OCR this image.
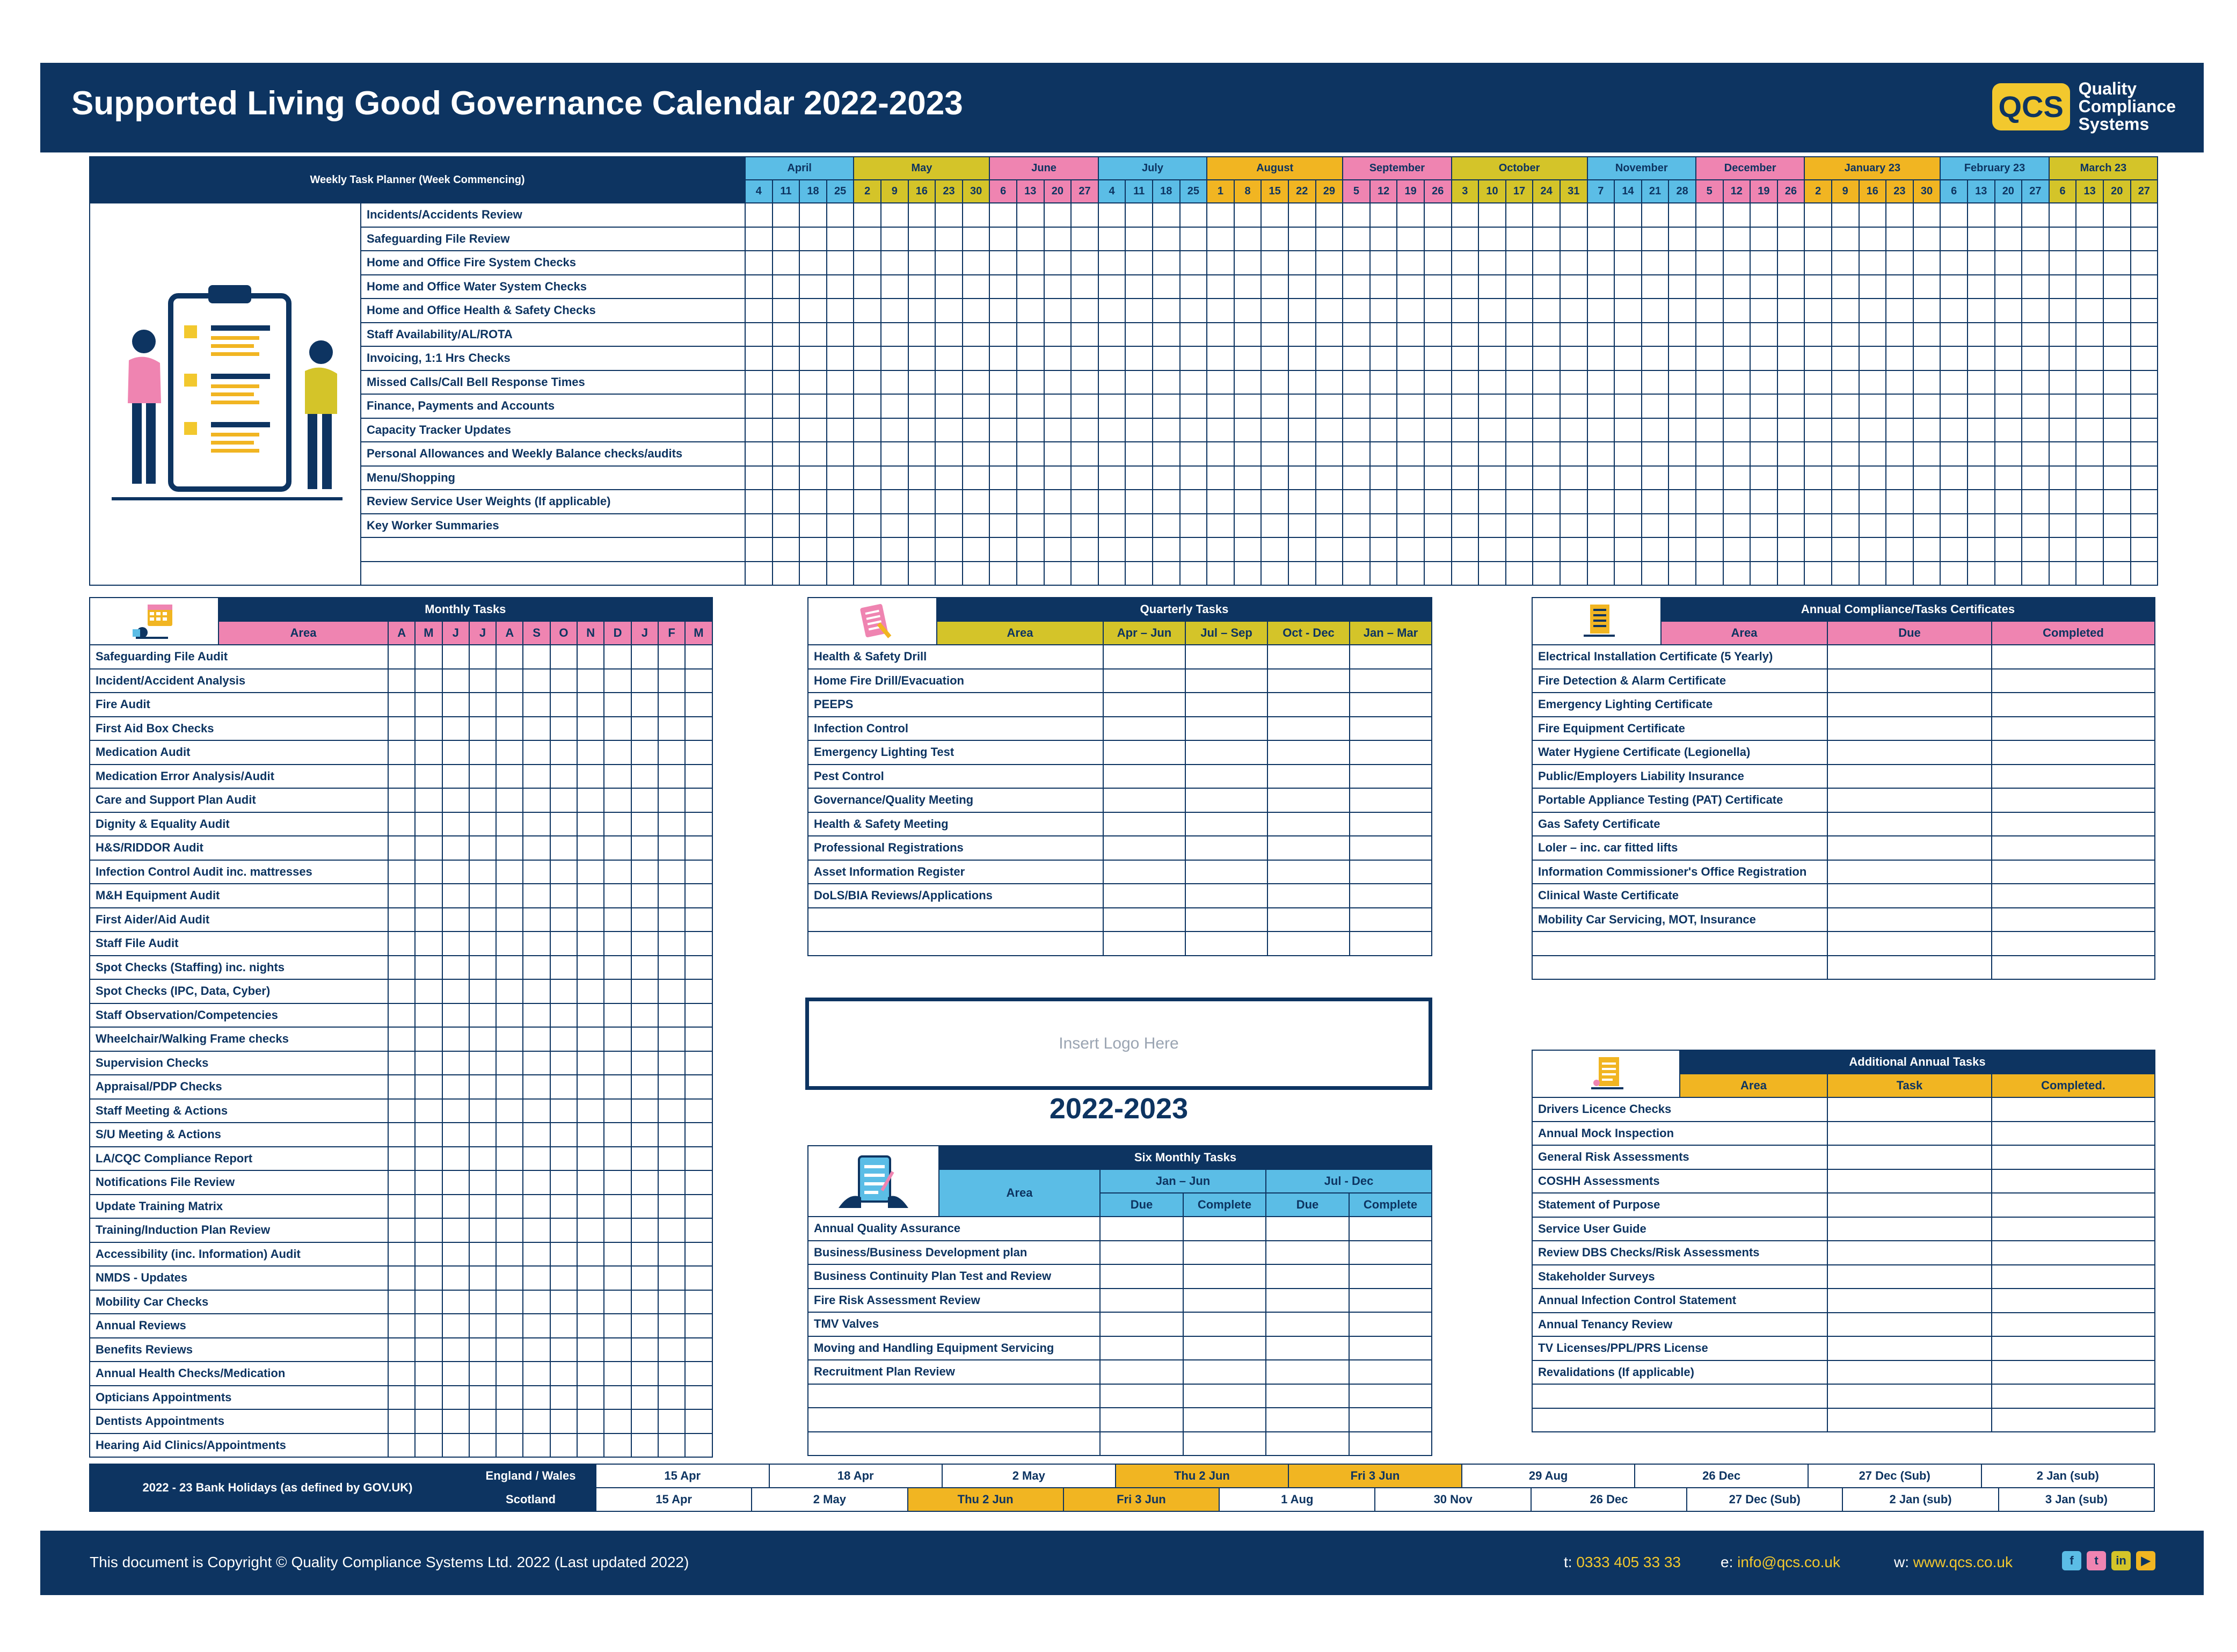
Supported Living Good Governance Calendar 2022-2023	QCS
Quality
Compliance
Systems
Weekly Task Planner (Week Commencing)		April				May					June				July				August					September				October					November				December				January 23					February 23				March 23			
		4	11	18	25	2	9	16	23	30	6	13	20	27	4	11	18	25	1	8	15	22	29	5	12	19	26	3	10	17	24	31	7	14	21	28	5	12	19	26	2	9	16	23	30	6	13	20	27	6	13	20	27
	Incidents/Accidents Review																																																				
	Safeguarding File Review																																																				
	Home and Office Fire System Checks																																																				
	Home and Office Water System Checks																																																				
	Home and Office Health & Safety Checks																																																				
	Staff Availability/AL/ROTA																																																				
	Invoicing, 1:1 Hrs Checks																																																				
	Missed Calls/Call Bell Response Times																																																				
	Finance, Payments and Accounts																																																				
	Capacity Tracker Updates																																																				
	Personal Allowances and Weekly Balance checks/audits																																																				
	Menu/Shopping																																																				
	Review Service User Weights (If applicable)																																																				
	Key Worker Summaries																																																				

	Monthly Tasks												
	Area	A	M	J	J	A	S	O	N	D	J	F	M
Safeguarding File Audit													
Incident/Accident Analysis													
Fire Audit													
First Aid Box Checks													
Medication Audit													
Medication Error Analysis/Audit													
Care and Support Plan Audit													
Dignity & Equality Audit													
H&S/RIDDOR Audit													
Infection Control Audit inc. mattresses													
M&H Equipment Audit													
First Aider/Aid Audit													
Staff File Audit													
Spot Checks (Staffing) inc. nights													
Spot Checks (IPC, Data, Cyber)													
Staff Observation/Competencies													
Wheelchair/Walking Frame checks													
Supervision Checks													
Appraisal/PDP Checks													
Staff Meeting & Actions													
S/U Meeting & Actions													
LA/CQC Compliance Report													
Notifications File Review													
Update Training Matrix													
Training/Induction Plan Review													
Accessibility (inc. Information) Audit													
NMDS - Updates													
Mobility Car Checks													
Annual Reviews													
Benefits Reviews													
Annual Health Checks/Medication													
Opticians Appointments													
Dentists Appointments													
Hearing Aid Clinics/Appointments													
	Quarterly Tasks				
	Area	Apr – Jun	Jul – Sep	Oct - Dec	Jan – Mar
Health & Safety Drill					
Home Fire Drill/Evacuation					
PEEPS					
Infection Control					
Emergency Lighting Test					
Pest Control					
Governance/Quality Meeting					
Health & Safety Meeting					
Professional Registrations					
Asset Information Register					
DoLS/BIA Reviews/Applications					

	Annual Compliance/Tasks Certificates		
	Area	Due	Completed
Electrical Installation Certificate (5 Yearly)			
Fire Detection & Alarm Certificate			
Emergency Lighting Certificate			
Fire Equipment Certificate			
Water Hygiene Certificate (Legionella)			
Public/Employers Liability Insurance			
Portable Appliance Testing (PAT) Certificate			
Gas Safety Certificate			
Loler – inc. car fitted lifts			
Information Commissioner's Office Registration			
Clinical Waste Certificate			
Mobility Car Servicing, MOT, Insurance			

Insert Logo Here
2022-2023
	Additional Annual Tasks		
	Area	Task	Completed.
Drivers Licence Checks			
Annual Mock Inspection			
General Risk Assessments			
COSHH Assessments			
Statement of Purpose			
Service User Guide			
Review DBS Checks/Risk Assessments			
Stakeholder Surveys			
Annual Infection Control Statement			
Annual Tenancy Review			
TV Licenses/PPL/PRS License			
Revalidations (If applicable)			

	Six Monthly Tasks				
	Area	Jan – Jun		Jul - Dec	
		Due	Complete	Due	Complete
Annual Quality Assurance					
Business/Business Development plan					
Business Continuity Plan Test and Review					
Fire Risk Assessment Review					
TMV Valves					
Moving and Handling Equipment Servicing					
Recruitment Plan Review					

2022 - 23 Bank Holidays (as defined by GOV.UK)	England / Wales	15 Apr		18 Apr		2 May		Thu 2 Jun		Fri 3 Jun		29 Aug		26 Dec		27 Dec (Sub)		2 Jan (sub)	
	Scotland	15 Apr	2 May		Thu 2 Jun		Fri 3 Jun		1 Aug		30 Nov		26 Dec		27 Dec (Sub)		2 Jan (sub)		3 Jan (sub)
This document is Copyright © Quality Compliance Systems Ltd. 2022 (Last updated 2022)	t: 0333 405 33 33	e: info@qcs.co.uk	w: www.qcs.co.uk	f	t	in	▶
